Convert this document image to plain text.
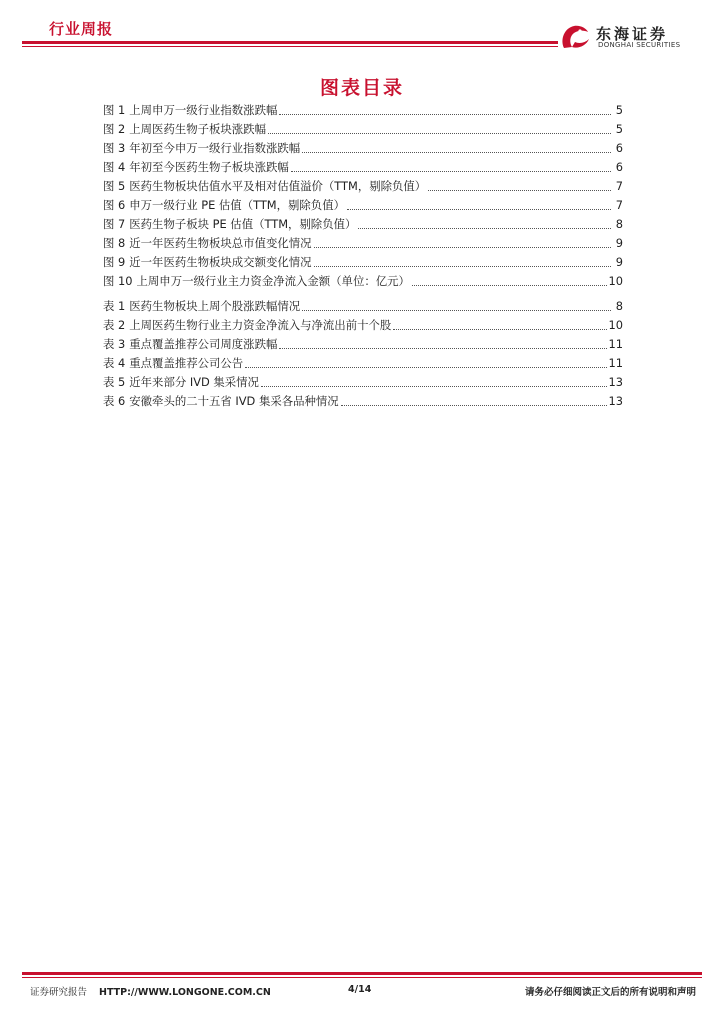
行业周报	东海证券
DONGHAI SECURITIES
图表目录
图 1 上周申万一级行业指数涨跌幅	5
图 2 上周医药生物子板块涨跌幅	5
图 3 年初至今申万一级行业指数涨跌幅	6
图 4 年初至今医药生物子板块涨跌幅	6
图 5 医药生物板块估值水平及相对估值溢价（TTM，剔除负值）	7
图 6 申万一级行业 PE 估值（TTM，剔除负值）	7
图 7 医药生物子板块 PE 估值（TTM，剔除负值）	8
图 8 近一年医药生物板块总市值变化情况	9
图 9 近一年医药生物板块成交额变化情况	9
图 10 上周申万一级行业主力资金净流入金额（单位：亿元）	10
表 1 医药生物板块上周个股涨跌幅情况	8
表 2 上周医药生物行业主力资金净流入与净流出前十个股	10
表 3 重点覆盖推荐公司周度涨跌幅	11
表 4 重点覆盖推荐公司公告	11
表 5 近年来部分 IVD 集采情况	13
表 6 安徽牵头的二十五省 IVD 集采各品种情况	13
证券研究报告 HTTP://WWW.LONGONE.COM.CN	4/14	请务必仔细阅读正文后的所有说明和声明
